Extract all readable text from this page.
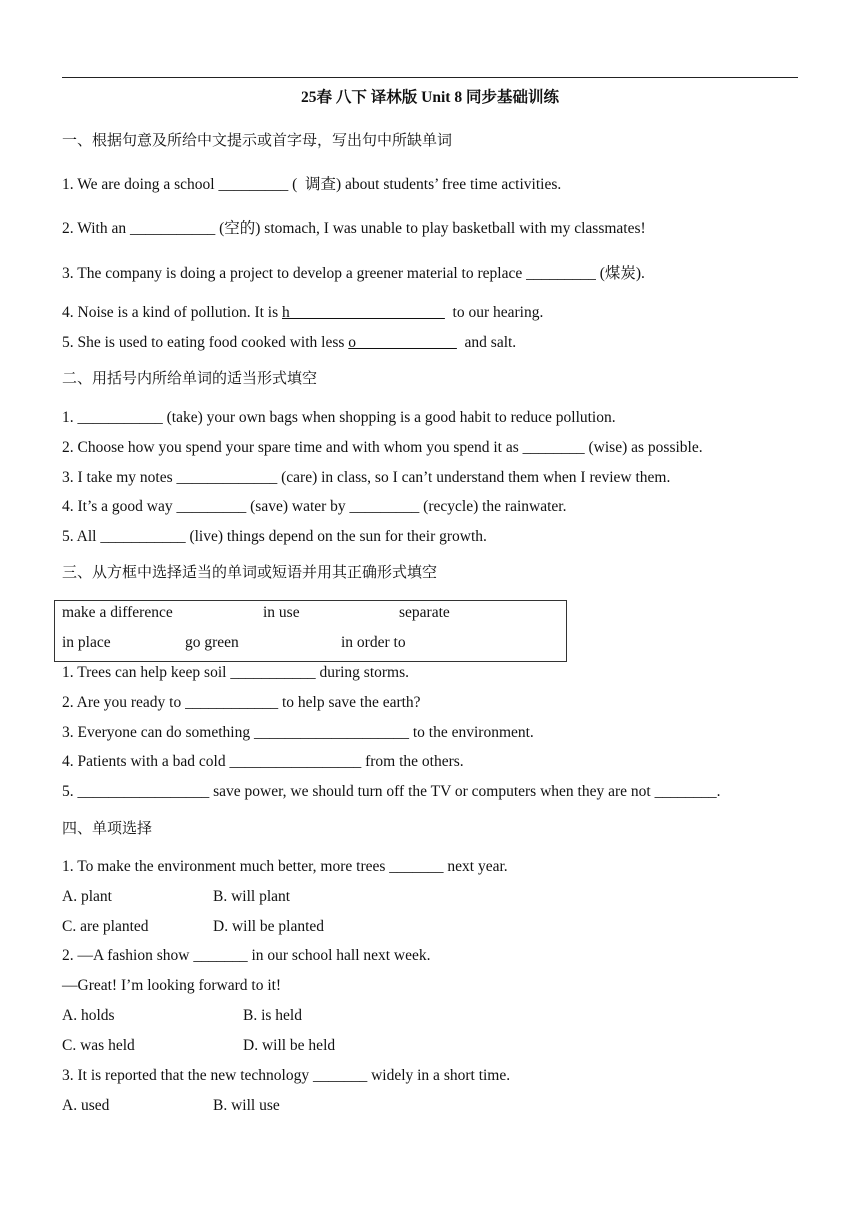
25春 八下 译林版 Unit 8 同步基础训练
一、根据句意及所给中文提示或首字母，写出句中所缺单词
1. We are doing a school _________ (  调查) about students’ free time activities.
2. With an ___________ (空的) stomach, I was unable to play basketball with my classmates!
3. The company is doing a project to develop a greener material to replace _________ (煤炭).
4. Noise is a kind of pollution. It is h____________________  to our hearing.
5. She is used to eating food cooked with less o_____________  and salt.
二、用括号内所给单词的适当形式填空
1. ___________ (take) your own bags when shopping is a good habit to reduce pollution.
2. Choose how you spend your spare time and with whom you spend it as ________ (wise) as possible.
3. I take my notes _____________ (care) in class, so I can’t understand them when I review them.
4. It’s a good way _________ (save) water by _________ (recycle) the rainwater.
5. All ___________ (live) things depend on the sun for their growth.
三、从方框中选择适当的单词或短语并用其正确形式填空
make a difference	in use	separate
in place	go green	in order to
1. Trees can help keep soil ___________ during storms.
2. Are you ready to ____________ to help save the earth?
3. Everyone can do something ____________________ to the environment.
4. Patients with a bad cold _________________ from the others.
5. _________________ save power, we should turn off the TV or computers when they are not ________.
四、单项选择
1. To make the environment much better, more trees _______ next year.
A. plant	B. will plant
C. are planted	D. will be planted
2. —A fashion show _______ in our school hall next week.
—Great! I’m looking forward to it!
A. holds	B. is held
C. was held	D. will be held
3. It is reported that the new technology _______ widely in a short time.
A. used	B. will use
